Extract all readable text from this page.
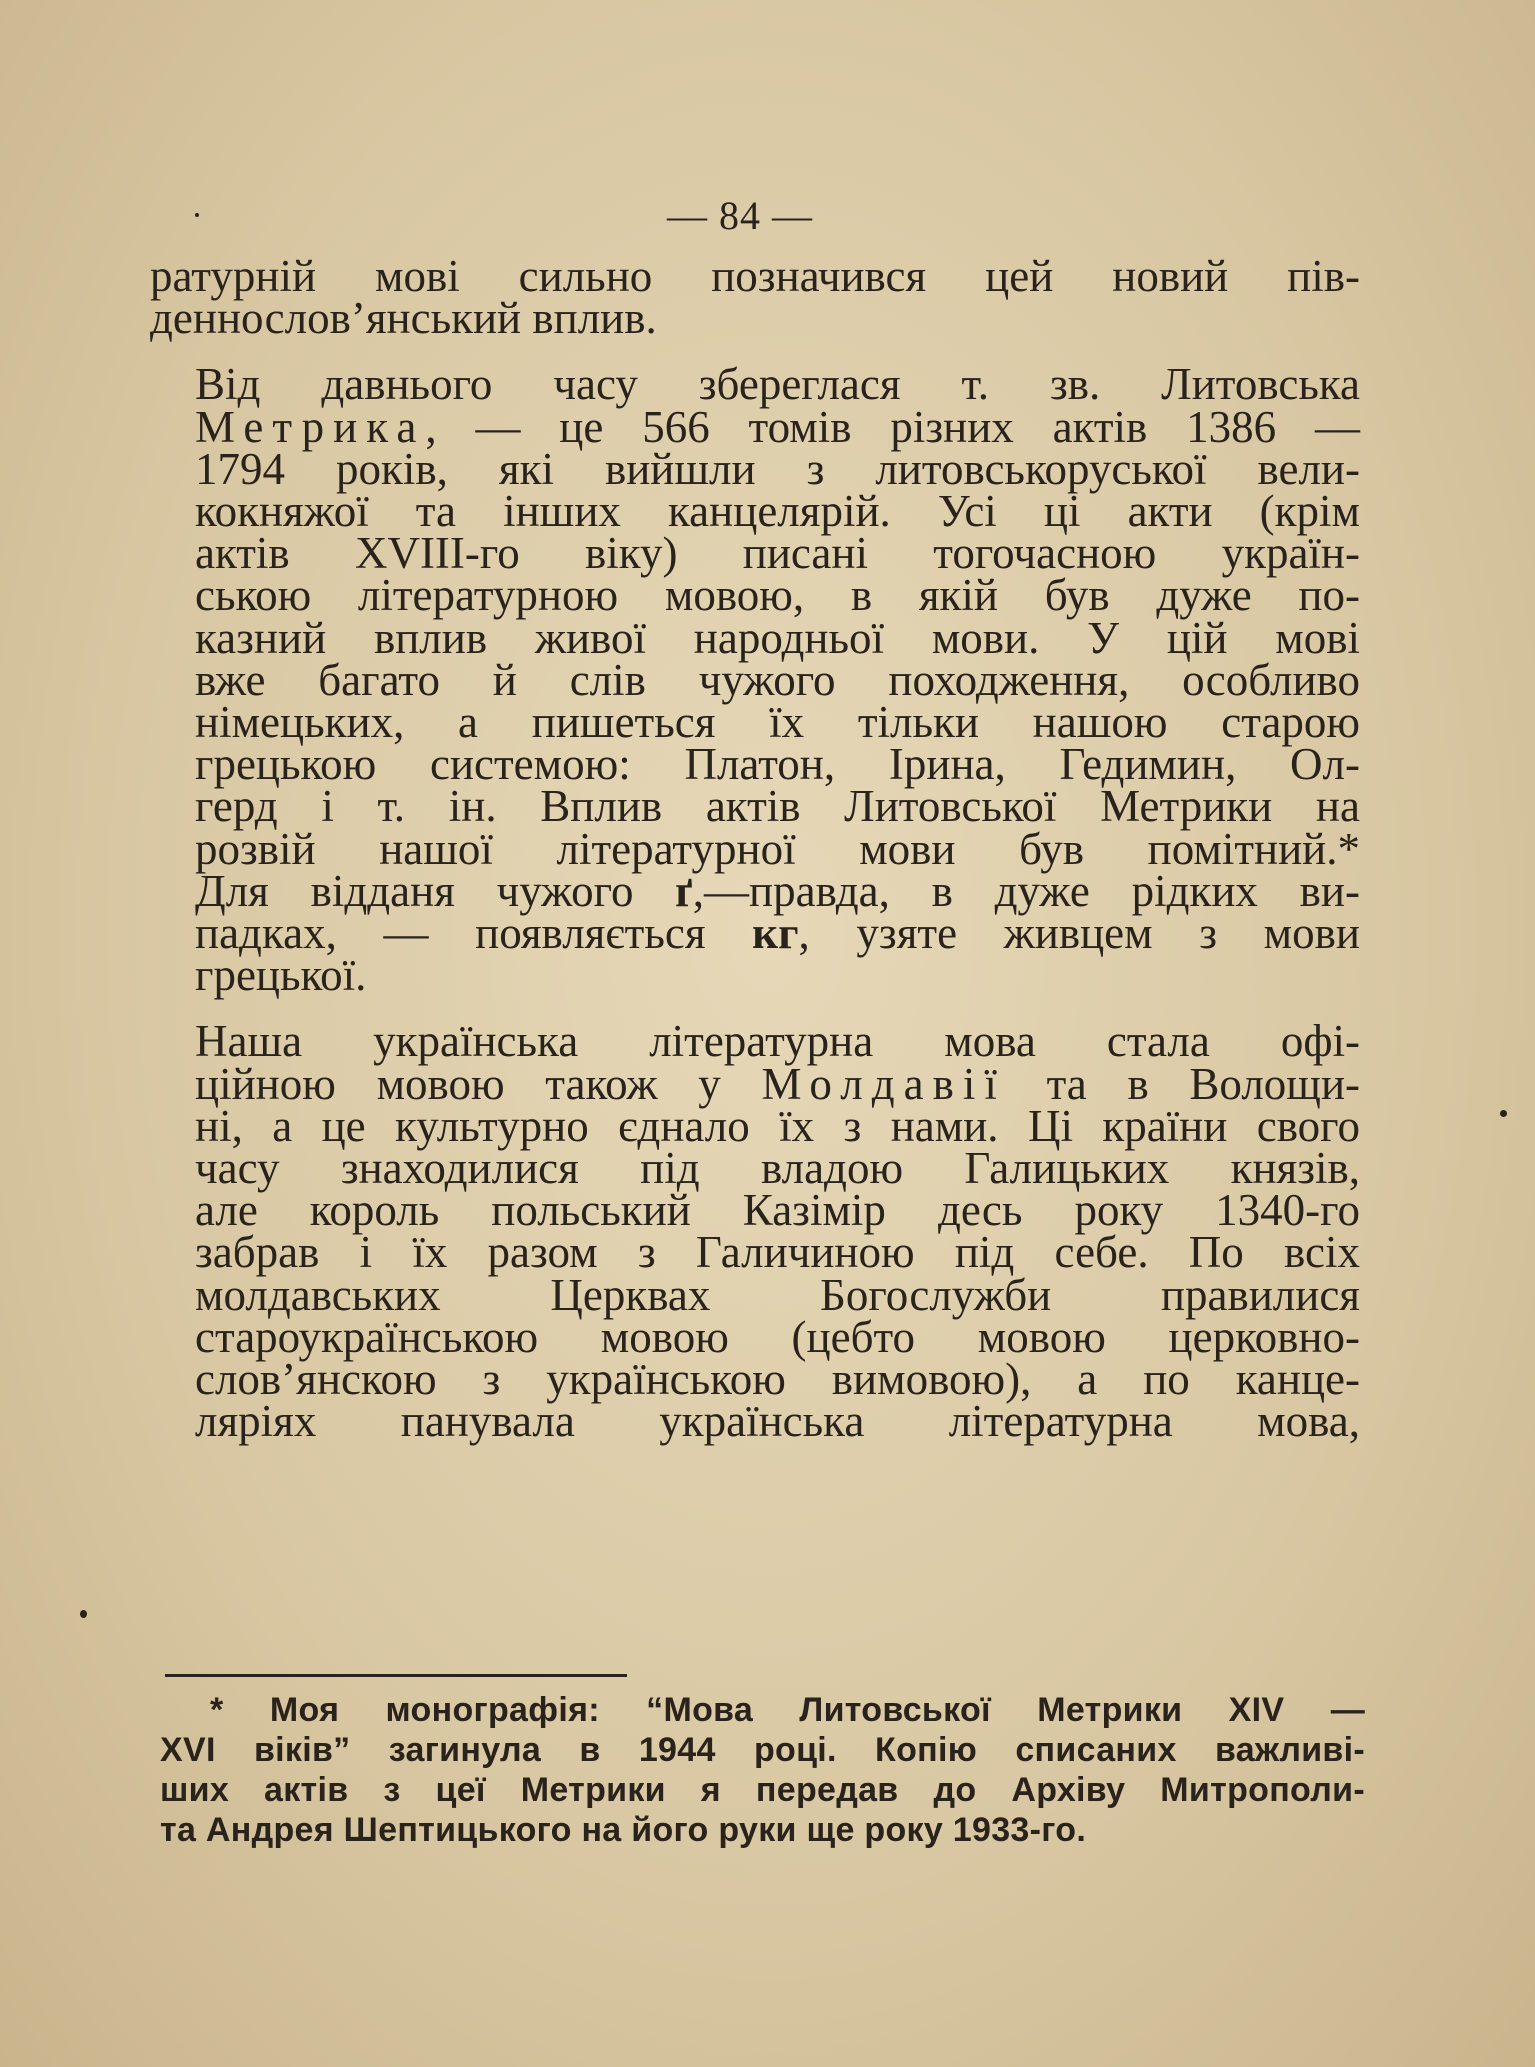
— 84 —

ратурній мові сильно позначився цей новий пів-
деннослов’янський вплив.

Від давнього часу збереглася т. зв. Литовська
Метрика, — це 566 томів різних актів 1386 —
1794 років, які вийшли з литовськоруської вели-
кокняжої та інших канцелярій. Усі ці акти (крім
актів XVIII-го віку) писані тогочасною україн-
ською літературною мовою, в якій був дуже по-
казний вплив живої народньої мови. У цій мові
вже багато й слів чужого походження, особливо
німецьких, а пишеться їх тільки нашою старою
грецькою системою: Платон, Ірина, Гедимин, Ол-
герд і т. ін. Вплив актів Литовської Метрики на
розвій нашої літературної мови був помітний.*
Для відданя чужого ґ,—правда, в дуже рідких ви-
падках, — появляється кг, узяте живцем з мови
грецької.

Наша українська літературна мова стала офі-
ційною мовою також у Молдавії та в Волощи-
ні, а це культурно єднало їх з нами. Ці країни свого
часу знаходилися під владою Галицьких князів,
але король польський Казімір десь року 1340-го
забрав і їх разом з Галичиною під себе. По всіх
молдавських Церквах Богослужби правилися
староукраїнською мовою (цебто мовою церковно-
слов’янскою з українською вимовою), а по канце-
ляріях панувала українська літературна мова,

* Моя монографія: “Мова Литовської Метрики XIV —
XVI віків” загинула в 1944 році. Копію списаних важливі-
ших актів з цеї Метрики я передав до Архіву Митрополи-
та Андрея Шептицького на його руки ще року 1933-го.
